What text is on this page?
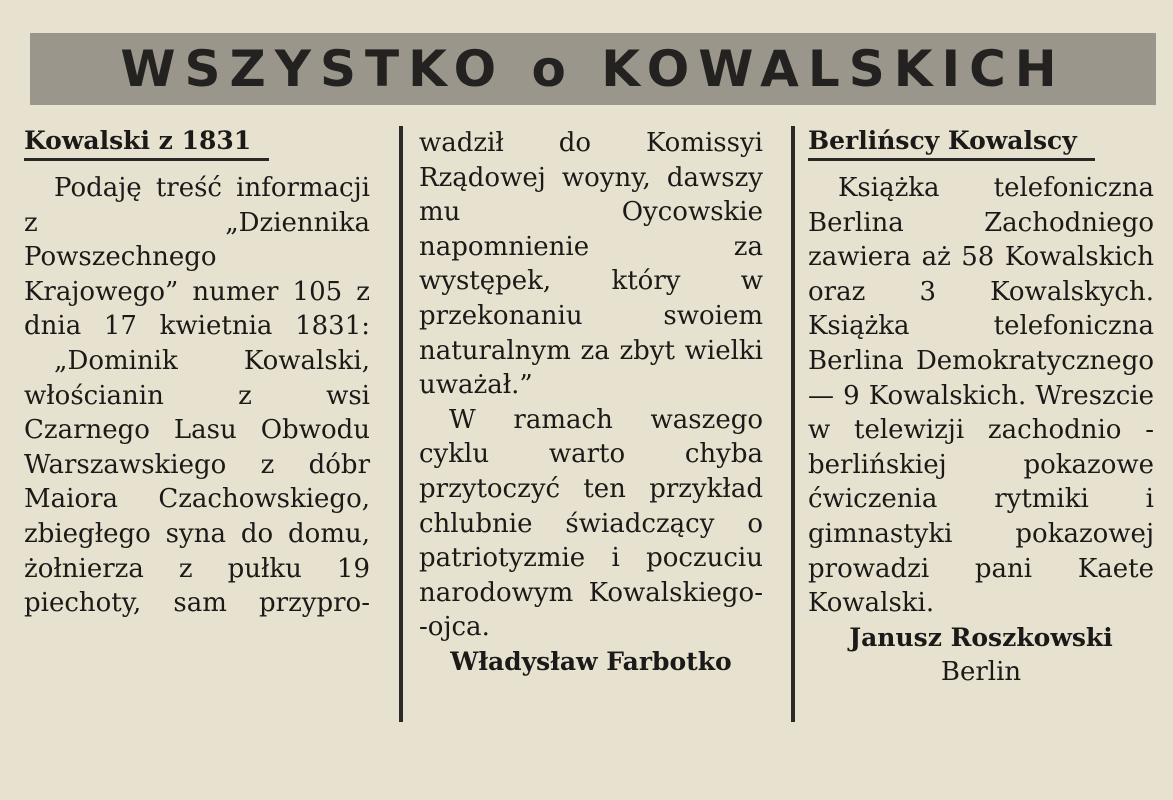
WSZYSTKO o KOWALSKICH
Kowalski z 1831

Podaję treść informacji z „Dziennika Powszechnego Krajowego” numer 105 z dnia 17 kwietnia 1831:

„Dominik Kowalski, włościanin z wsi Czarnego Lasu Obwodu Warszawskiego z dóbr Maiora Czachowskiego, zbiegłego syna do domu, żołnierza z pułku 19 piechoty, sam przypro-

wadził do Komissyi Rządowej woyny, dawszy mu Oycowskie napomnienie za występek, który w przekonaniu swoiem naturalnym za zbyt wielki uważał.”

W ramach waszego cyklu warto chyba przytoczyć ten przykład chlubnie świadczący o patriotyzmie i poczuciu narodowym Kowalskiego--ojca.

Władysław Farbotko
Berlińscy Kowalscy

Książka telefoniczna Berlina Zachodniego zawiera aż 58 Kowalskich oraz 3 Kowalskych. Książka telefoniczna Berlina Demokratycznego — 9 Kowalskich. Wreszcie w telewizji zachodnio - berlińskiej pokazowe ćwiczenia rytmiki i gimnastyki pokazowej prowadzi pani Kaete Kowalski.

Janusz Roszkowski
Berlin
